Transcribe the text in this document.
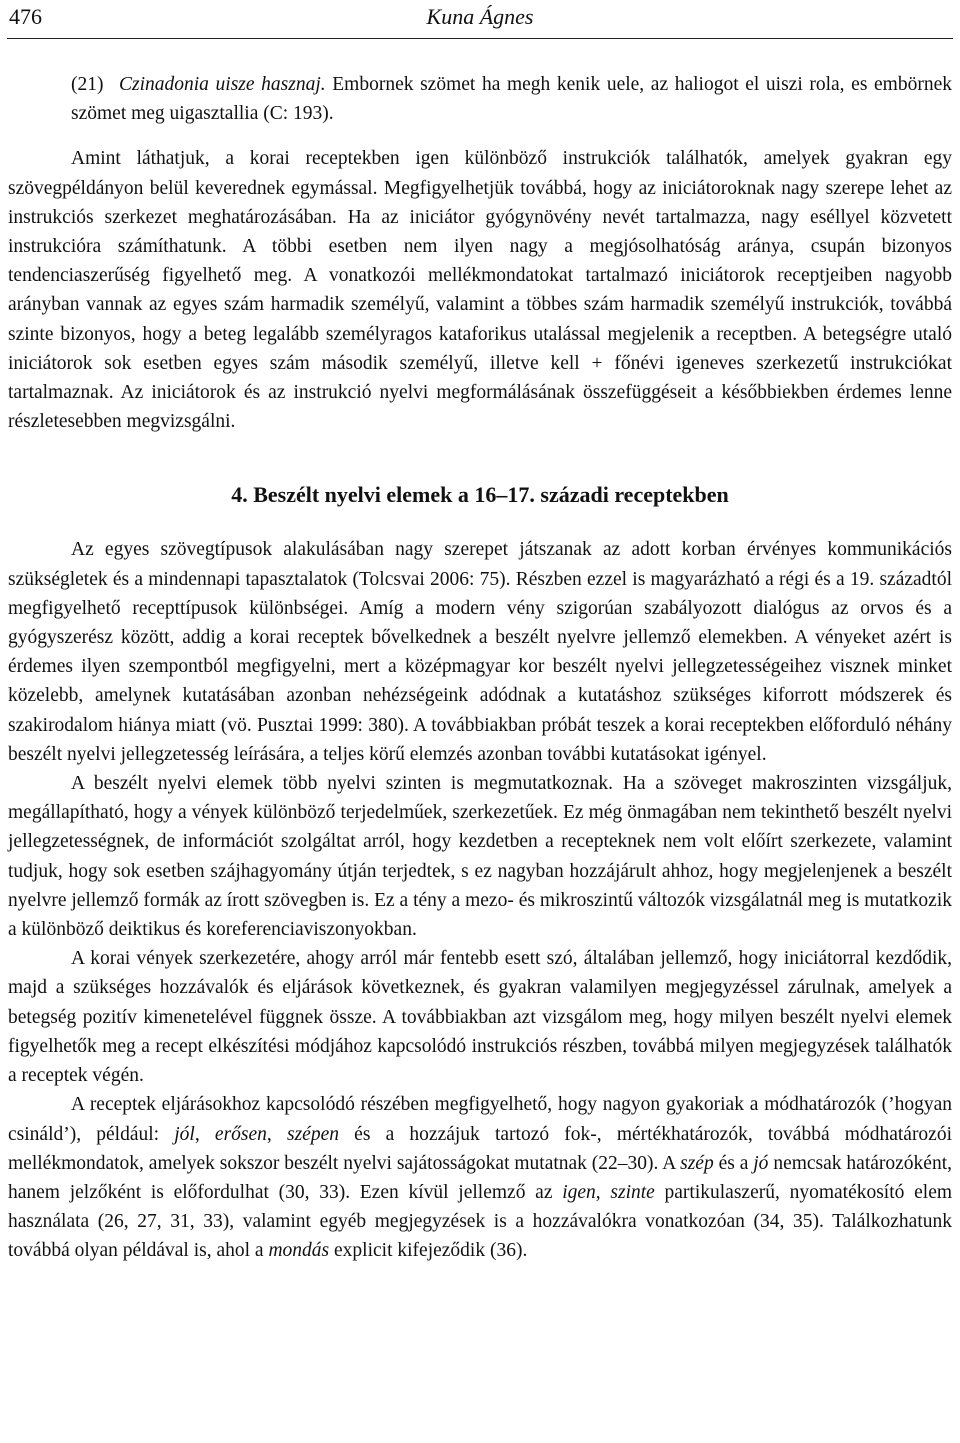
476	Kuna Ágnes

(21) Czinadonia uisze hasznaj. Embornek szömet ha megh kenik uele, az haliogot el uiszi rola, es embörnek szömet meg uigasztallia (C: 193).

Amint láthatjuk, a korai receptekben igen különböző instrukciók találhatók, amelyek gyakran egy szövegpéldányon belül keverednek egymással. Megfigyelhetjük továbbá, hogy az iniciátoroknak nagy szerepe lehet az instrukciós szerkezet meghatározásában. Ha az iniciátor gyógynövény nevét tartalmazza, nagy eséllyel közvetett instrukcióra számíthatunk. A többi esetben nem ilyen nagy a megjósolhatóság aránya, csupán bizonyos tendenciaszerűség figyelhető meg. A vonatkozói mellékmondatokat tartalmazó iniciátorok receptjeiben nagyobb arányban vannak az egyes szám harmadik személyű, valamint a többes szám harmadik személyű instrukciók, továbbá szinte bizonyos, hogy a beteg legalább személyragos kataforikus utalással megjelenik a receptben. A betegségre utaló iniciátorok sok esetben egyes szám második személyű, illetve kell + főnévi igeneves szerkezetű instrukciókat tartalmaznak. Az iniciátorok és az instrukció nyelvi megformálásának összefüggéseit a későbbiekben érdemes lenne részletesebben megvizsgálni.

4. Beszélt nyelvi elemek a 16–17. századi receptekben

Az egyes szövegtípusok alakulásában nagy szerepet játszanak az adott korban érvényes kommunikációs szükségletek és a mindennapi tapasztalatok (Tolcsvai 2006: 75). Részben ezzel is magyarázható a régi és a 19. századtól megfigyelhető recepttípusok különbségei. Amíg a modern vény szigorúan szabályozott dialógus az orvos és a gyógyszerész között, addig a korai receptek bővelkednek a beszélt nyelvre jellemző elemekben. A vényeket azért is érdemes ilyen szempontból megfigyelni, mert a középmagyar kor beszélt nyelvi jellegzetességeihez visznek minket közelebb, amelynek kutatásában azonban nehézségeink adódnak a kutatáshoz szükséges kiforrott módszerek és szakirodalom hiánya miatt (vö. Pusztai 1999: 380). A továbbiakban próbát teszek a korai receptekben előforduló néhány beszélt nyelvi jellegzetesség leírására, a teljes körű elemzés azonban további kutatásokat igényel.

A beszélt nyelvi elemek több nyelvi szinten is megmutatkoznak. Ha a szöveget makroszinten vizsgáljuk, megállapítható, hogy a vények különböző terjedelműek, szerkezetűek. Ez még önmagában nem tekinthető beszélt nyelvi jellegzetességnek, de információt szolgáltat arról, hogy kezdetben a recepteknek nem volt előírt szerkezete, valamint tudjuk, hogy sok esetben szájhagyomány útján terjedtek, s ez nagyban hozzájárult ahhoz, hogy megjelenjenek a beszélt nyelvre jellemző formák az írott szövegben is. Ez a tény a mezo- és mikroszintű változók vizsgálatnál meg is mutatkozik a különböző deiktikus és koreferenciaviszonyokban.

A korai vények szerkezetére, ahogy arról már fentebb esett szó, általában jellemző, hogy iniciátorral kezdődik, majd a szükséges hozzávalók és eljárások következnek, és gyakran valamilyen megjegyzéssel zárulnak, amelyek a betegség pozitív kimenetelével függnek össze. A továbbiakban azt vizsgálom meg, hogy milyen beszélt nyelvi elemek figyelhetők meg a recept elkészítési módjához kapcsolódó instrukciós részben, továbbá milyen megjegyzések találhatók a receptek végén.

A receptek eljárásokhoz kapcsolódó részében megfigyelhető, hogy nagyon gyakoriak a módhatározók (’hogyan csináld’), például: jól, erősen, szépen és a hozzájuk tartozó fok-, mértékhatározók, továbbá módhatározói mellékmondatok, amelyek sokszor beszélt nyelvi sajátosságokat mutatnak (22–30). A szép és a jó nemcsak határozóként, hanem jelzőként is előfordulhat (30, 33). Ezen kívül jellemző az igen, szinte partikulaszerű, nyomatékosító elem használata (26, 27, 31, 33), valamint egyéb megjegyzések is a hozzávalókra vonatkozóan (34, 35). Találkozhatunk továbbá olyan példával is, ahol a mondás explicit kifejeződik (36).
